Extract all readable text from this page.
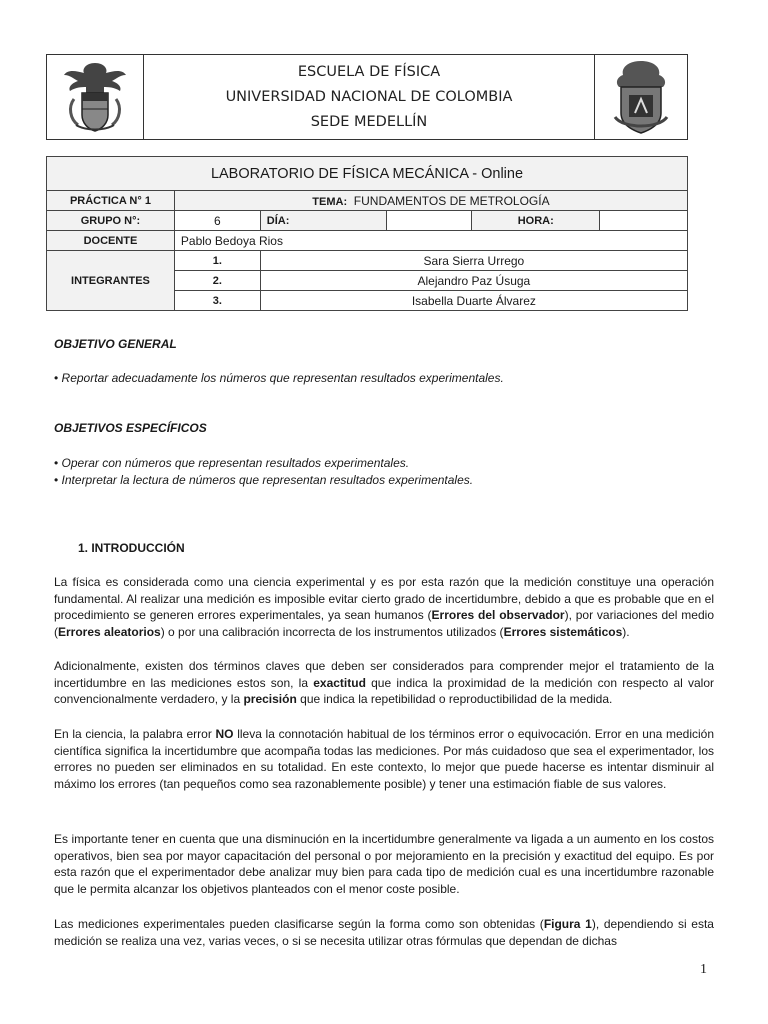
ESCUELA DE FÍSICA
UNIVERSIDAD NACIONAL DE COLOMBIA
SEDE MEDELLÍN
LABORATORIO DE FÍSICA MECÁNICA - Online					
PRÁCTICA N° 1	TEMA: FUNDAMENTOS DE METROLOGÍA				
GRUPO N°:	6	DÍA:		HORA:	
DOCENTE	Pablo Bedoya Rios				
INTEGRANTES	1.	Sara Sierra Urrego			
	2.	Alejandro Paz Úsuga			
	3.	Isabella Duarte Álvarez			
OBJETIVO GENERAL
• Reportar adecuadamente los números que representan resultados experimentales.
OBJETIVOS ESPECÍFICOS
• Operar con números que representan resultados experimentales.
• Interpretar la lectura de números que representan resultados experimentales.
1. INTRODUCCIÓN
La física es considerada como una ciencia experimental y es por esta razón que la medición constituye una operación fundamental. Al realizar una medición es imposible evitar cierto grado de incertidumbre, debido a que es probable que en el procedimiento se generen errores experimentales, ya sean humanos (Errores del observador), por variaciones del medio (Errores aleatorios) o por una calibración incorrecta de los instrumentos utilizados (Errores sistemáticos).
Adicionalmente, existen dos términos claves que deben ser considerados para comprender mejor el tratamiento de la incertidumbre en las mediciones estos son, la exactitud que indica la proximidad de la medición con respecto al valor convencionalmente verdadero, y la precisión que indica la repetibilidad o reproductibilidad de la medida.
En la ciencia, la palabra error NO lleva la connotación habitual de los términos error o equivocación. Error en una medición científica significa la incertidumbre que acompaña todas las mediciones. Por más cuidadoso que sea el experimentador, los errores no pueden ser eliminados en su totalidad. En este contexto, lo mejor que puede hacerse es intentar disminuir al máximo los errores (tan pequeños como sea razonablemente posible) y tener una estimación fiable de sus valores.
Es importante tener en cuenta que una disminución en la incertidumbre generalmente va ligada a un aumento en los costos operativos, bien sea por mayor capacitación del personal o por mejoramiento en la precisión y exactitud del equipo. Es por esta razón que el experimentador debe analizar muy bien para cada tipo de medición cual es una incertidumbre razonable que le permita alcanzar los objetivos planteados con el menor coste posible.
Las mediciones experimentales pueden clasificarse según la forma como son obtenidas (Figura 1), dependiendo si esta medición se realiza una vez, varias veces, o si se necesita utilizar otras fórmulas que dependan de dichas
1
